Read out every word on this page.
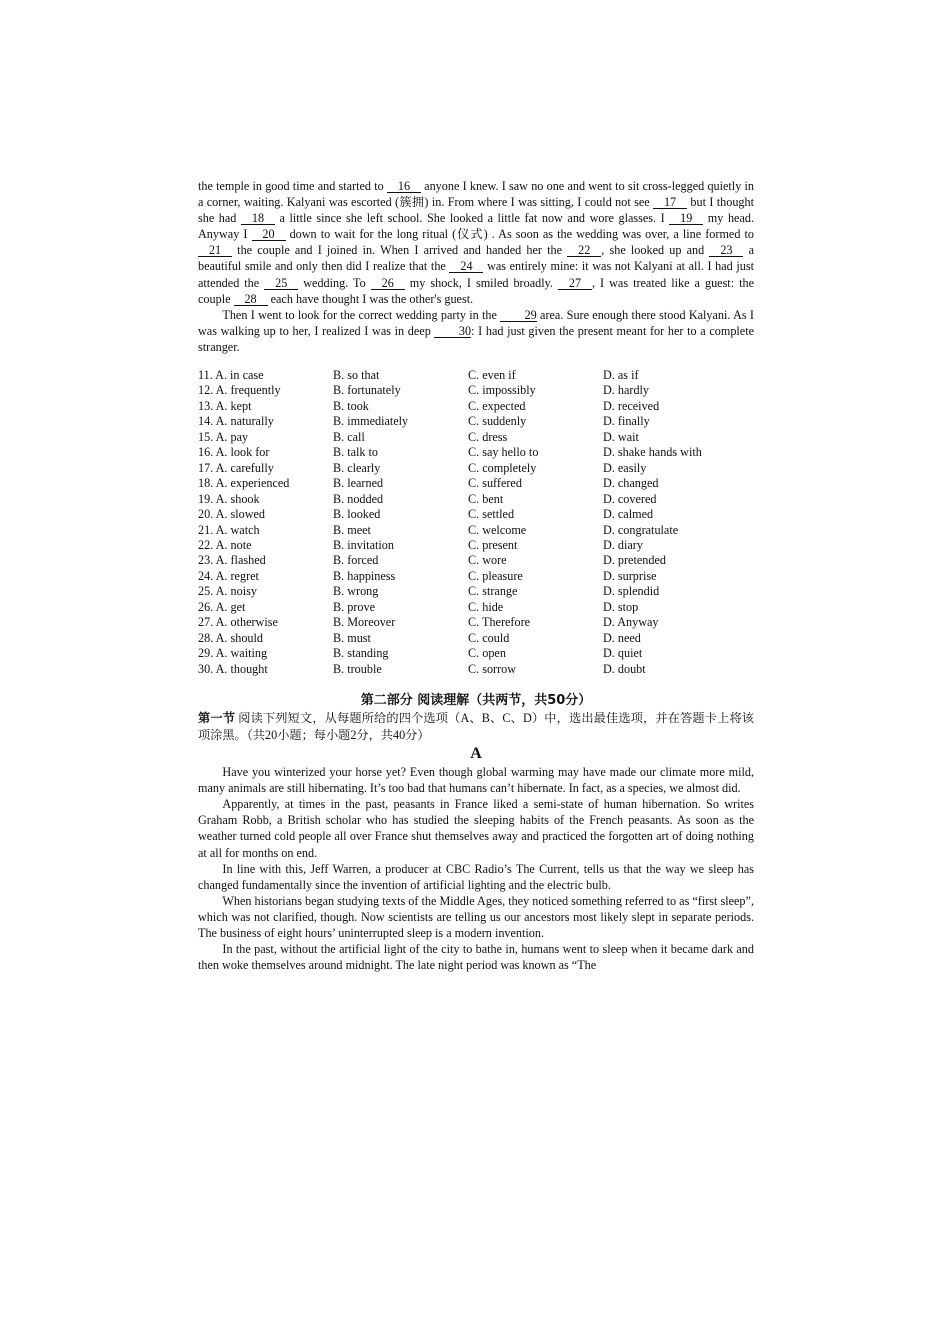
the temple in good time and started to 16 anyone I knew. I saw no one and went to sit cross-legged quietly in a corner, waiting. Kalyani was escorted (簇拥) in. From where I was sitting, I could not see 17 but I thought she had 18 a little since she left school. She looked a little fat now and wore glasses. I 19 my head. Anyway I 20 down to wait for the long ritual (仪式) . As soon as the wedding was over, a line formed to 21 the couple and I joined in. When I arrived and handed her the 22 , she looked up and 23 a beautiful smile and only then did I realize that the 24 was entirely mine: it was not Kalyani at all. I had just attended the 25 wedding. To 26 my shock, I smiled broadly. 27 , I was treated like a guest: the couple 28 each have thought I was the other's guest.

Then I went to look for the correct wedding party in the 29 area. Sure enough there stood Kalyani. As I was walking up to her, I realized I was in deep 30: I had just given the present meant for her to a complete stranger.

11. A. in case	B. so that	C. even if	D. as if
12. A. frequently	B. fortunately	C. impossibly	D. hardly
13. A. kept	B. took	C. expected	D. received
14. A. naturally	B. immediately	C. suddenly	D. finally
15. A. pay	B. call	C. dress	D. wait
16. A. look for	B. talk to	C. say hello to	D. shake hands with
17. A. carefully	B. clearly	C. completely	D. easily
18. A. experienced	B. learned	C. suffered	D. changed
19. A. shook	B. nodded	C. bent	D. covered
20. A. slowed	B. looked	C. settled	D. calmed
21. A. watch	B. meet	C. welcome	D. congratulate
22. A. note	B. invitation	C. present	D. diary
23. A. flashed	B. forced	C. wore	D. pretended
24. A. regret	B. happiness	C. pleasure	D. surprise
25. A. noisy	B. wrong	C. strange	D. splendid
26. A. get	B. prove	C. hide	D. stop
27. A. otherwise	B. Moreover	C. Therefore	D. Anyway
28. A. should	B. must	C. could	D. need
29. A. waiting	B. standing	C. open	D. quiet
30. A. thought	B. trouble	C. sorrow	D. doubt
第二部分 阅读理解（共两节，共50分）

第一节 阅读下列短文，从每题所给的四个选项（A、B、C、D）中，选出最佳选项，并在答题卡上将该项涂黑。（共20小题；每小题2分，共40分）

A

Have you winterized your horse yet? Even though global warming may have made our climate more mild, many animals are still hibernating. It’s too bad that humans can’t hibernate. In fact, as a species, we almost did.

Apparently, at times in the past, peasants in France liked a semi-state of human hibernation. So writes Graham Robb, a British scholar who has studied the sleeping habits of the French peasants. As soon as the weather turned cold people all over France shut themselves away and practiced the forgotten art of doing nothing at all for months on end.

In line with this, Jeff Warren, a producer at CBC Radio’s The Current, tells us that the way we sleep has changed fundamentally since the invention of artificial lighting and the electric bulb.

When historians began studying texts of the Middle Ages, they noticed something referred to as “first sleep”, which was not clarified, though. Now scientists are telling us our ancestors most likely slept in separate periods. The business of eight hours’ uninterrupted sleep is a modern invention.

In the past, without the artificial light of the city to bathe in, humans went to sleep when it became dark and then woke themselves around midnight. The late night period was known as “The
